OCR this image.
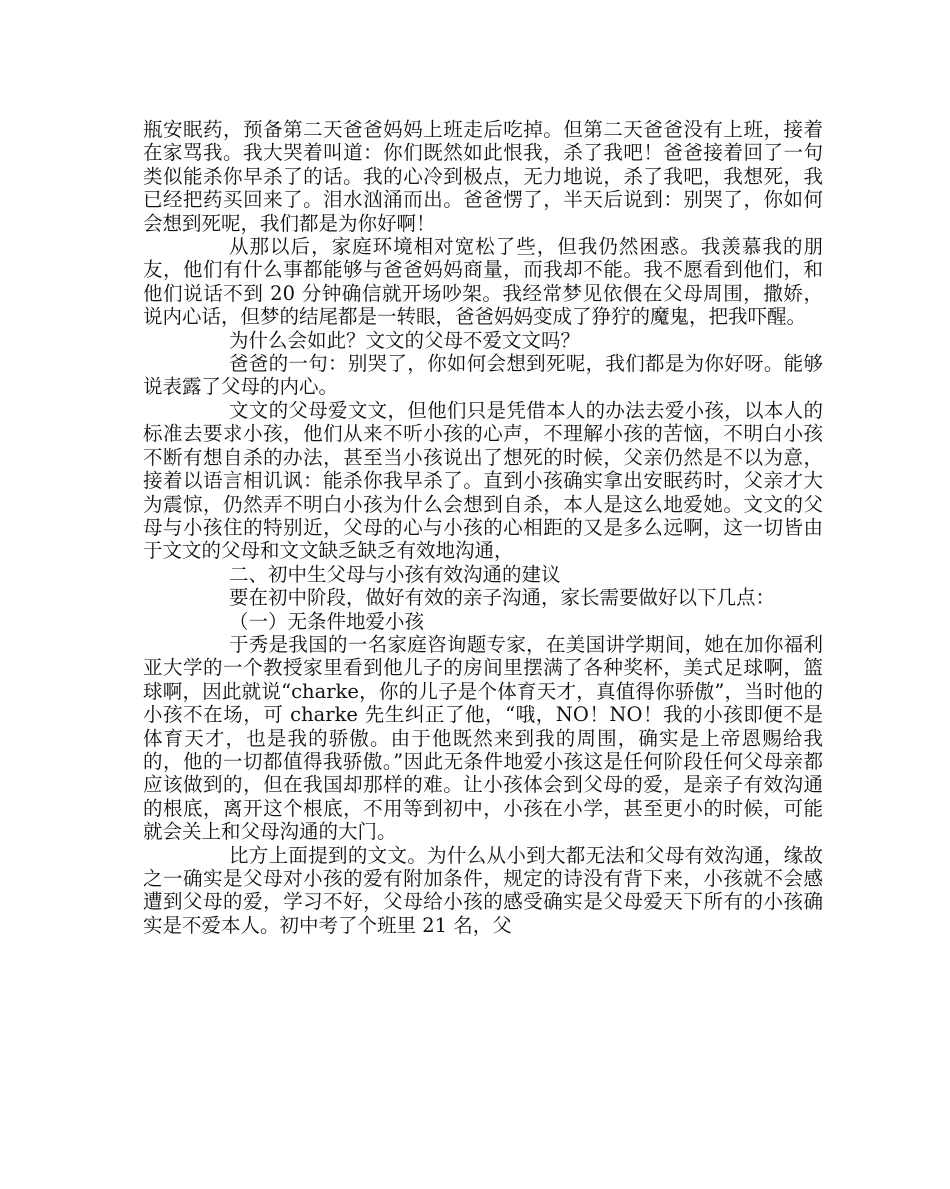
瓶安眠药，预备第二天爸爸妈妈上班走后吃掉。但第二天爸爸没有上班，接着在家骂我。我大哭着叫道：你们既然如此恨我，杀了我吧！爸爸接着回了一句类似能杀你早杀了的话。我的心冷到极点，无力地说，杀了我吧，我想死，我已经把药买回来了。泪水汹涌而出。爸爸愣了，半天后说到：别哭了，你如何会想到死呢，我们都是为你好啊！

从那以后，家庭环境相对宽松了些，但我仍然困惑。我羡慕我的朋友，他们有什么事都能够与爸爸妈妈商量，而我却不能。我不愿看到他们，和他们说话不到 20 分钟确信就开场吵架。我经常梦见依偎在父母周围，撒娇，说内心话，但梦的结尾都是一转眼，爸爸妈妈变成了狰狞的魔鬼，把我吓醒。

为什么会如此？文文的父母不爱文文吗？

爸爸的一句：别哭了，你如何会想到死呢，我们都是为你好呀。能够说表露了父母的内心。

文文的父母爱文文，但他们只是凭借本人的办法去爱小孩，以本人的标准去要求小孩，他们从来不听小孩的心声，不理解小孩的苦恼，不明白小孩不断有想自杀的办法，甚至当小孩说出了想死的时候，父亲仍然是不以为意，接着以语言相讥讽：能杀你我早杀了。直到小孩确实拿出安眠药时，父亲才大为震惊，仍然弄不明白小孩为什么会想到自杀，本人是这么地爱她。文文的父母与小孩住的特别近，父母的心与小孩的心相距的又是多么远啊，这一切皆由于文文的父母和文文缺乏缺乏有效地沟通，

二、初中生父母与小孩有效沟通的建议

要在初中阶段，做好有效的亲子沟通，家长需要做好以下几点：

（一）无条件地爱小孩

于秀是我国的一名家庭咨询题专家，在美国讲学期间，她在加你福利亚大学的一个教授家里看到他儿子的房间里摆满了各种奖杯，美式足球啊，篮球啊，因此就说“charke，你的儿子是个体育天才，真值得你骄傲”，当时他的小孩不在场，可 charke 先生纠正了他，“哦，NO！NO！我的小孩即便不是体育天才，也是我的骄傲。由于他既然来到我的周围，确实是上帝恩赐给我的，他的一切都值得我骄傲。”因此无条件地爱小孩这是任何阶段任何父母亲都应该做到的，但在我国却那样的难。让小孩体会到父母的爱，是亲子有效沟通的根底，离开这个根底，不用等到初中，小孩在小学，甚至更小的时候，可能就会关上和父母沟通的大门。

比方上面提到的文文。为什么从小到大都无法和父母有效沟通，缘故之一确实是父母对小孩的爱有附加条件，规定的诗没有背下来，小孩就不会感遭到父母的爱，学习不好，父母给小孩的感受确实是父母爱天下所有的小孩确实是不爱本人。初中考了个班里 21 名，父
